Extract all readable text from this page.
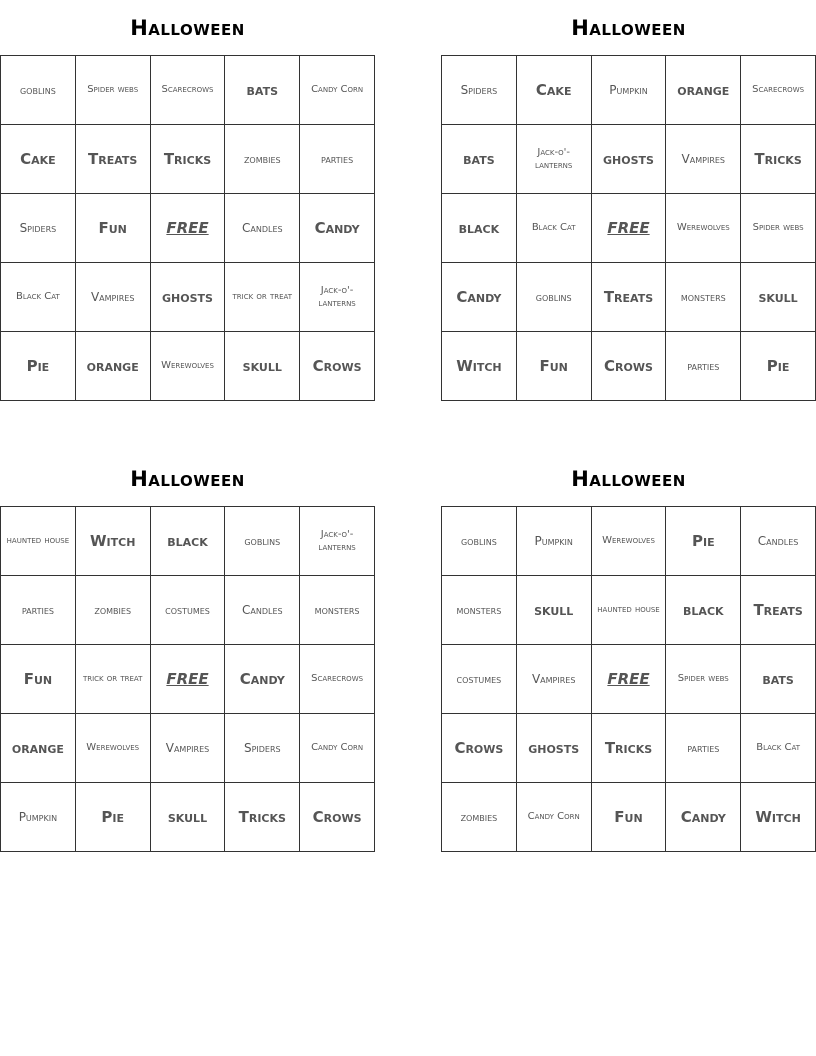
Halloween
goblins	Spider webs	Scarecrows	bats	Candy Corn
Cake	Treats	Tricks	zombies	parties
Spiders	Fun	FREE	Candles	Candy
Black Cat	Vampires	ghosts	trick or treat	Jack-o'-lanterns
Pie	orange	Werewolves	skull	Crows
Halloween
Spiders	Cake	Pumpkin	orange	Scarecrows
bats	Jack-o'-lanterns	ghosts	Vampires	Tricks
black	Black Cat	FREE	Werewolves	Spider webs
Candy	goblins	Treats	monsters	skull
Witch	Fun	Crows	parties	Pie
Halloween
haunted house	Witch	black	goblins	Jack-o'-lanterns
parties	zombies	costumes	Candles	monsters
Fun	trick or treat	FREE	Candy	Scarecrows
orange	Werewolves	Vampires	Spiders	Candy Corn
Pumpkin	Pie	skull	Tricks	Crows
Halloween
goblins	Pumpkin	Werewolves	Pie	Candles
monsters	skull	haunted house	black	Treats
costumes	Vampires	FREE	Spider webs	bats
Crows	ghosts	Tricks	parties	Black Cat
zombies	Candy Corn	Fun	Candy	Witch
